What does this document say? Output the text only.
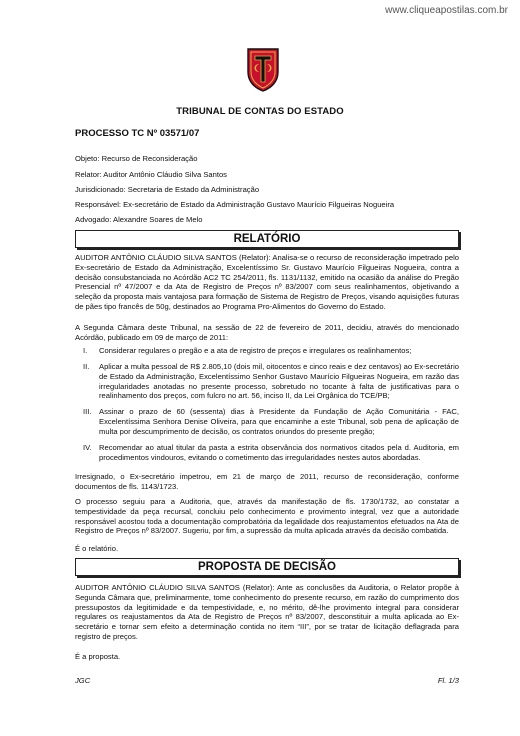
www.cliqueapostilas.com.br
TRIBUNAL DE CONTAS DO ESTADO
PROCESSO TC Nº 03571/07
Objeto: Recurso de Reconsideração
Relator: Auditor Antônio Cláudio Silva Santos
Jurisdicionado: Secretaria de Estado da Administração
Responsável: Ex-secretário de Estado da Administração Gustavo Maurício Filgueiras Nogueira
Advogado: Alexandre Soares de Melo
RELATÓRIO
AUDITOR ANTÔNIO CLÁUDIO SILVA SANTOS (Relator): Analisa-se o recurso de reconsideração impetrado pelo Ex-secretário de Estado da Administração, Excelentíssimo Sr. Gustavo Maurício Filgueiras Nogueira, contra a decisão consubstanciada no Acórdão AC2 TC 254/2011, fls. 1131/1132, emitido na ocasião da análise do Pregão Presencial nº 47/2007 e da Ata de Registro de Preços nº 83/2007 com seus realinhamentos, objetivando a seleção da proposta mais vantajosa para formação de Sistema de Registro de Preços, visando aquisições futuras de pães tipo francês de 50g, destinados ao Programa Pro-Alimentos do Governo do Estado.
A Segunda Câmara deste Tribunal, na sessão de 22 de fevereiro de 2011, decidiu, através do mencionado Acórdão, publicado em 09 de março de 2011:
I. Considerar regulares o pregão e a ata de registro de preços e irregulares os realinhamentos;
II. Aplicar a multa pessoal de R$ 2.805,10 (dois mil, oitocentos e cinco reais e dez centavos) ao Ex-secretário de Estado da Administração, Excelentíssimo Senhor Gustavo Maurício Filgueiras Nogueira, em razão das irregularidades anotadas no presente processo, sobretudo no tocante à falta de justificativas para o realinhamento dos preços, com fulcro no art. 56, inciso II, da Lei Orgânica do TCE/PB;
III. Assinar o prazo de 60 (sessenta) dias à Presidente da Fundação de Ação Comunitária - FAC, Excelentíssima Senhora Denise Oliveira, para que encaminhe a este Tribunal, sob pena de aplicação de multa por descumprimento de decisão, os contratos oriundos do presente pregão;
IV. Recomendar ao atual titular da pasta a estrita observância dos normativos citados pela d. Auditoria, em procedimentos vindouros, evitando o cometimento das irregularidades nestes autos abordadas.
Irresignado, o Ex-secretário impetrou, em 21 de março de 2011, recurso de reconsideração, conforme documentos de fls. 1143/1723.
O processo seguiu para a Auditoria, que, através da manifestação de fls. 1730/1732, ao constatar a tempestividade da peça recursal, concluiu pelo conhecimento e provimento integral, vez que a autoridade responsável acostou toda a documentação comprobatória da legalidade dos reajustamentos efetuados na Ata de Registro de Preços nº 83/2007. Sugeriu, por fim, a supressão da multa aplicada através da decisão combatida.
É o relatório.
PROPOSTA DE DECISÃO
AUDITOR ANTÔNIO CLÁUDIO SILVA SANTOS (Relator): Ante as conclusões da Auditoria, o Relator propõe à Segunda Câmara que, preliminarmente, tome conhecimento do presente recurso, em razão do cumprimento dos pressupostos da legitimidade e da tempestividade, e, no mérito, dê-lhe provimento integral para considerar regulares os reajustamentos da Ata de Registro de Preços nº 83/2007, desconstituir a multa aplicada ao Ex-secretário e tornar sem efeito a determinação contida no item “III”, por se tratar de licitação deflagrada para registro de preços.
É a proposta.
JGC	Fl. 1/3
